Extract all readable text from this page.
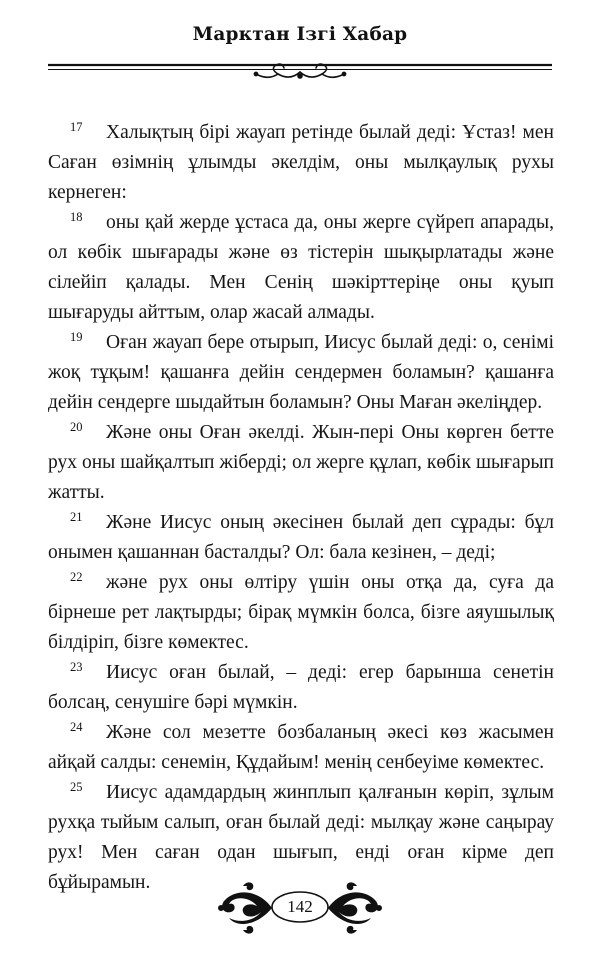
Марктан Ізгі Хабар

17 Халықтың бірі жауап ретінде былай деді: Ұстаз! мен Саған өзімнің ұлымды әкелдім, оны мылқаулық рухы кернеген:

18 оны қай жерде ұстаса да, оны жерге сүйреп апарады, ол көбік шығарады және өз тістерін шықырлатады және сілейіп қалады. Мен Сенің шәкірттеріңе оны қуып шығаруды айттым, олар жасай алмады.

19 Оған жауап бере отырып, Иисус былай деді: о, сенімі жоқ тұқым! қашанға дейін сендермен боламын? қашанға дейін сендерге шыдайтын боламын? Оны Маған әкеліңдер.

20 Және оны Оған әкелді. Жын-пері Оны көрген бетте рух оны шайқалтып жіберді; ол жерге құлап, көбік шығарып жатты.

21 Және Иисус оның әкесінен былай деп сұрады: бұл онымен қашаннан басталды? Ол: бала кезінен, – деді;

22 және рух оны өлтіру үшін оны отқа да, суға да бірнеше рет лақтырды; бірақ мүмкін болса, бізге аяушылық білдіріп, бізге көмектес.

23 Иисус оған былай, – деді: егер барынша сенетін болсаң, сенушіге бәрі мүмкін.

24 Және сол мезетте бозбаланың әкесі көз жасымен айқай салды: сенемін, Құдайым! менің сенбеуіме көмектес.

25 Иисус адамдардың жинплып қалғанын көріп, зұлым рухқа тыйым салып, оған былай деді: мылқау және саңырау рух! Мен саған одан шығып, енді оған кірме деп бұйырамын.

142
